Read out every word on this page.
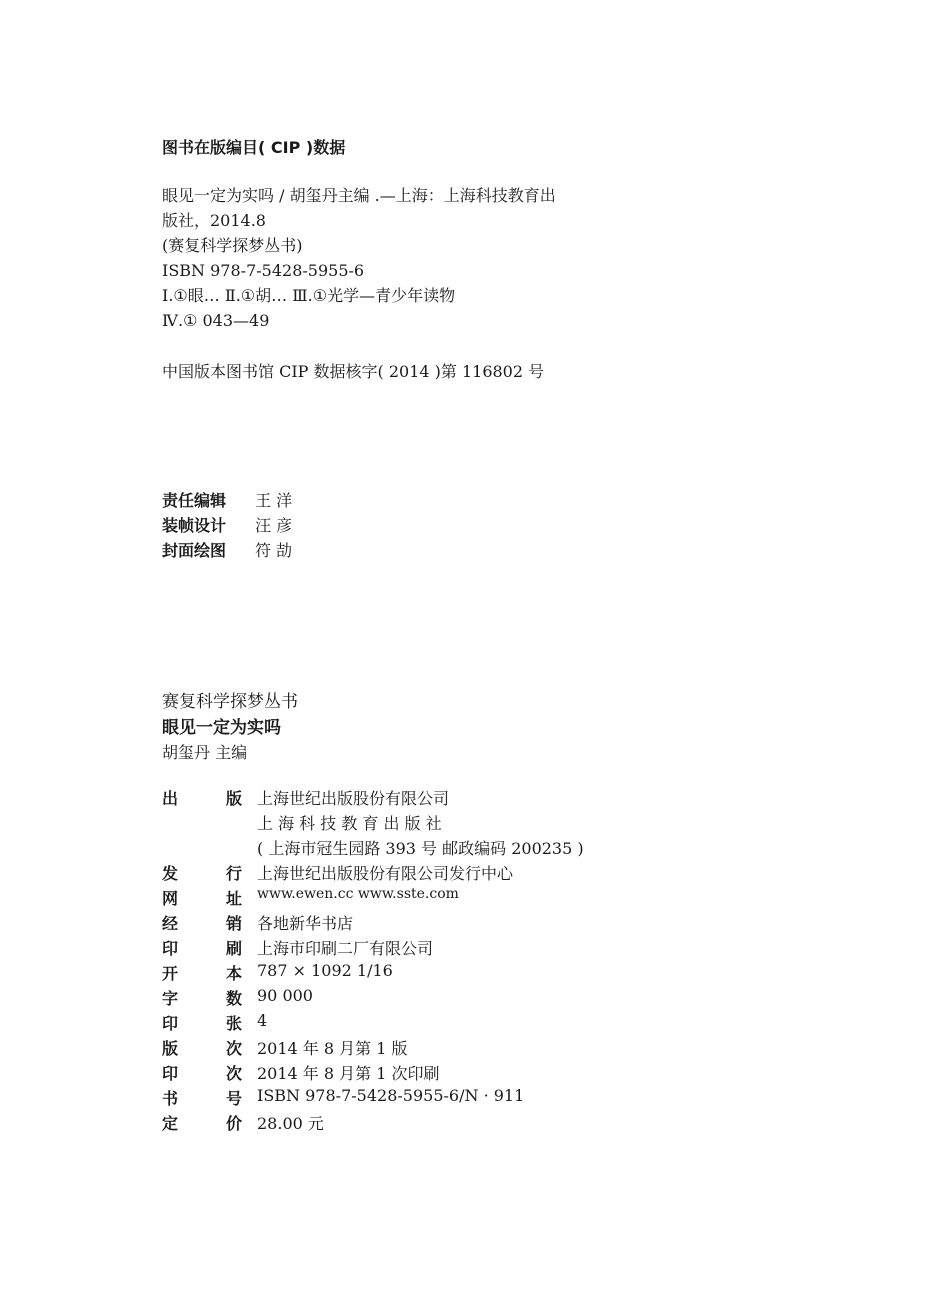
图书在版编目( CIP )数据
眼见一定为实吗 / 胡玺丹主编 .—上海：上海科技教育出
版社，2014.8
(赛复科学探梦丛书)
ISBN 978-7-5428-5955-6
Ⅰ.①眼… Ⅱ.①胡… Ⅲ.①光学—青少年读物
Ⅳ.① 043—49
中国版本图书馆 CIP 数据核字( 2014 )第 116802 号
责任编辑 王 洋
装帧设计 汪 彦
封面绘图 符 劼
赛复科学探梦丛书
眼见一定为实吗
胡玺丹 主编
出	版 上海世纪出版股份有限公司
上 海 科 技 教 育 出 版 社
( 上海市冠生园路 393 号 邮政编码 200235 )
发	行 上海世纪出版股份有限公司发行中心
网	址 www.ewen.cc www.sste.com
经	销 各地新华书店
印	刷 上海市印刷二厂有限公司
开	本 787 × 1092 1/16
字	数 90 000
印	张 4
版	次 2014 年 8 月第 1 版
印	次 2014 年 8 月第 1 次印刷
书	号 ISBN 978-7-5428-5955-6/N · 911
定	价 28.00 元
